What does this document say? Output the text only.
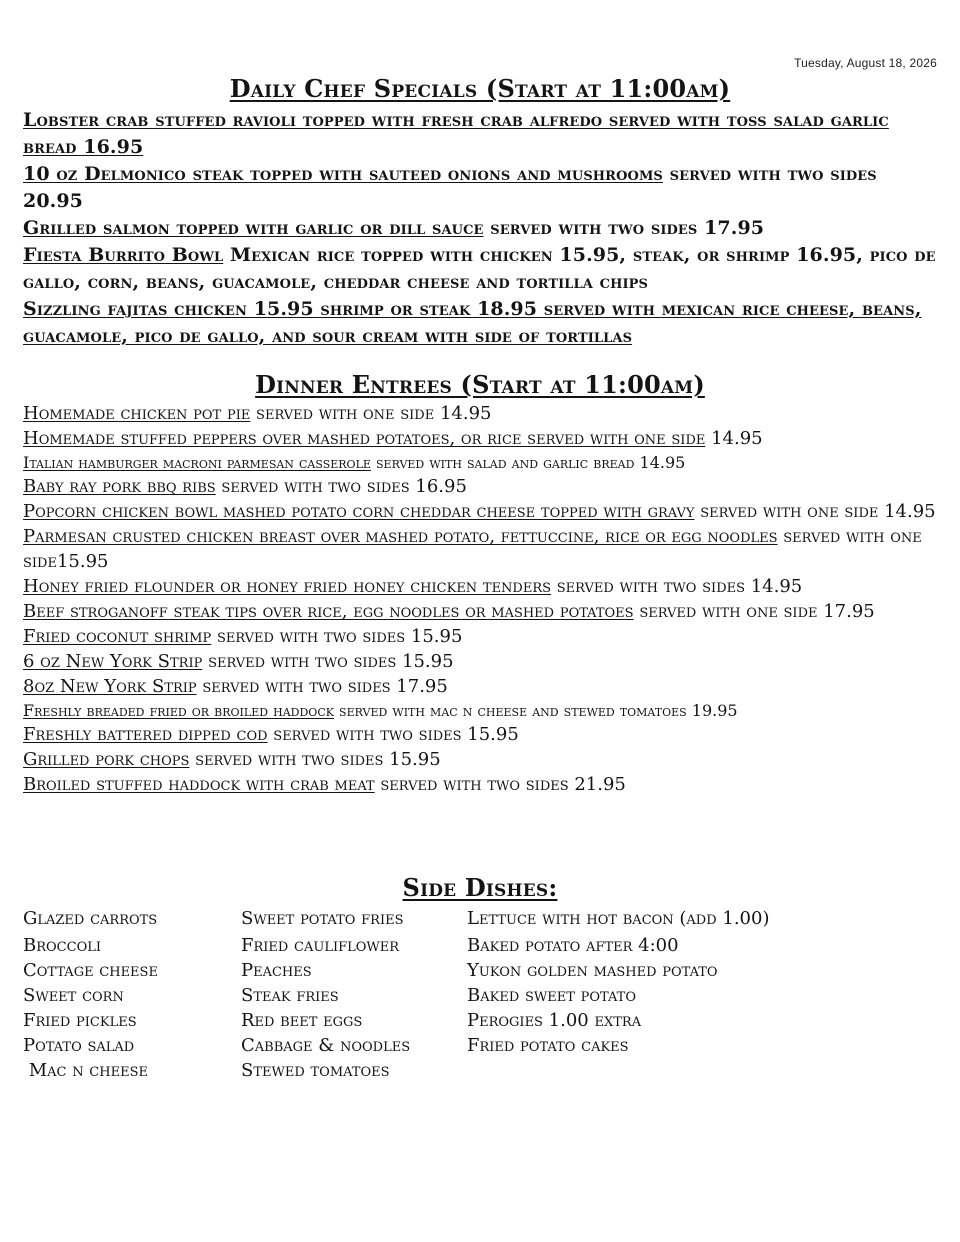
Tuesday, August 18, 2026
Daily Chef Specials (Start at 11:00am)

Lobster crab stuffed ravioli topped with fresh crab alfredo served with toss salad garlic bread 16.95

10 oz Delmonico steak topped with sauteed onions and mushrooms served with two sides 20.95

Grilled salmon topped with garlic or dill sauce served with two sides 17.95

Fiesta Burrito Bowl Mexican rice topped with chicken 15.95, steak, or shrimp 16.95, pico de gallo, corn, beans, guacamole, cheddar cheese and tortilla chips

Sizzling fajitas chicken 15.95 shrimp or steak 18.95 served with mexican rice cheese, beans, guacamole, pico de gallo, and sour cream with side of tortillas

Dinner Entrees (Start at 11:00am)

Homemade chicken pot pie served with one side 14.95

Homemade stuffed peppers over mashed potatoes, or rice served with one side 14.95

Italian hamburger macroni parmesan casserole served with salad and garlic bread 14.95

Baby ray pork bbq ribs served with two sides 16.95

Popcorn chicken bowl mashed potato corn cheddar cheese topped with gravy served with one side 14.95

Parmesan crusted chicken breast over mashed potato, fettuccine, rice or egg noodles served with one side15.95

Honey fried flounder or honey fried honey chicken tenders served with two sides 14.95

Beef stroganoff steak tips over rice, egg noodles or mashed potatoes served with one side 17.95

Fried coconut shrimp served with two sides 15.95

6 oz New York Strip served with two sides 15.95

8oz New York Strip served with two sides 17.95

Freshly breaded fried or broiled haddock served with mac n cheese and stewed tomatoes 19.95

Freshly battered dipped cod served with two sides 15.95

Grilled pork chops served with two sides 15.95

Broiled stuffed haddock with crab meat served with two sides 21.95

Side Dishes:
Glazed carrots	Sweet potato fries	Lettuce with hot bacon (add 1.00)
Broccoli	Fried cauliflower	Baked potato after 4:00
Cottage cheese	Peaches	Yukon golden mashed potato
Sweet corn	Steak fries	Baked sweet potato
Fried pickles	Red beet eggs	Perogies 1.00 extra
Potato salad	Cabbage & noodles	Fried potato cakes
Mac n cheese	Stewed tomatoes
